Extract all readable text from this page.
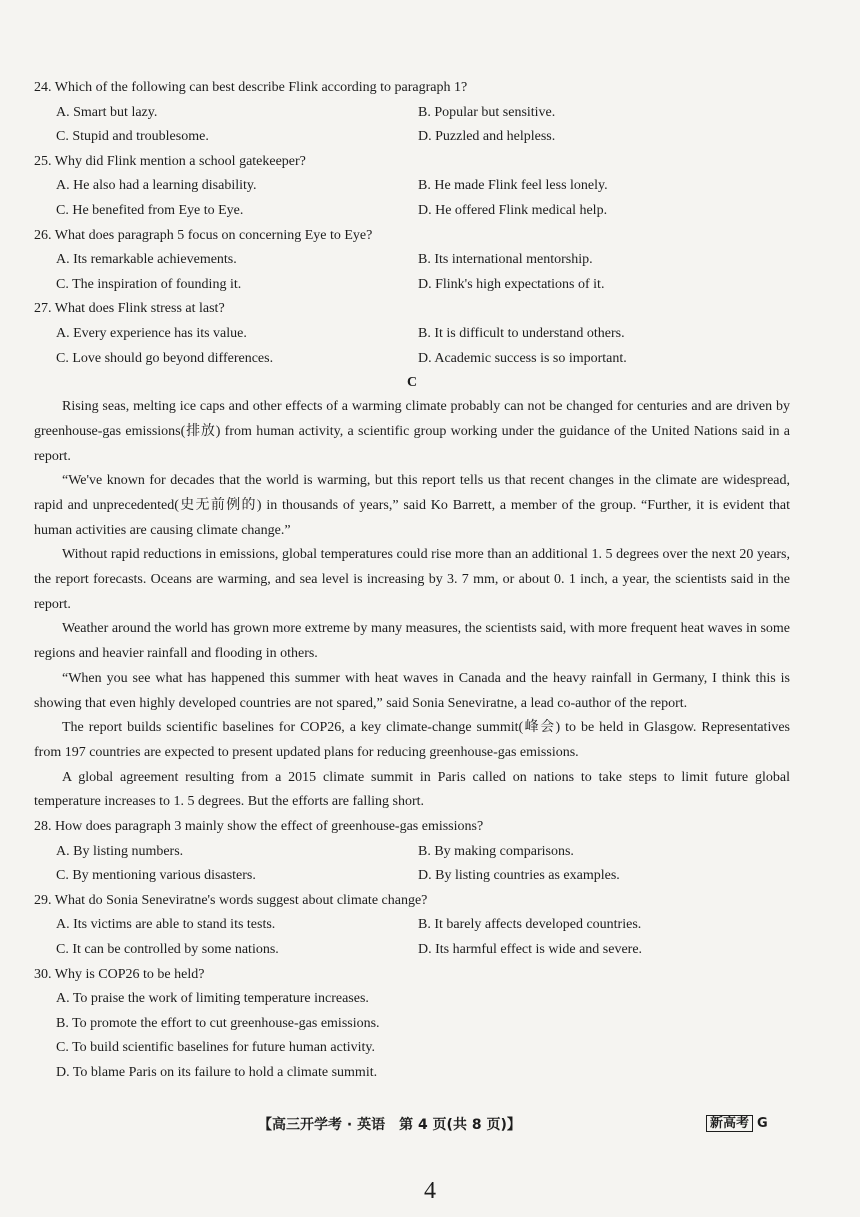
24. Which of the following can best describe Flink according to paragraph 1?

A. Smart but lazy.	B. Popular but sensitive.
C. Stupid and troublesome.	D. Puzzled and helpless.

25. Why did Flink mention a school gatekeeper?

A. He also had a learning disability.	B. He made Flink feel less lonely.
C. He benefited from Eye to Eye.	D. He offered Flink medical help.

26. What does paragraph 5 focus on concerning Eye to Eye?

A. Its remarkable achievements.	B. Its international mentorship.
C. The inspiration of founding it.	D. Flink's high expectations of it.

27. What does Flink stress at last?

A. Every experience has its value.	B. It is difficult to understand others.
C. Love should go beyond differences.	D. Academic success is so important.

C

Rising seas, melting ice caps and other effects of a warming climate probably can not be changed for centuries and are driven by greenhouse-gas emissions(排放) from human activity, a scientific group working under the guidance of the United Nations said in a report.

“We've known for decades that the world is warming, but this report tells us that recent changes in the climate are widespread, rapid and unprecedented(史无前例的) in thousands of years,” said Ko Barrett, a member of the group. “Further, it is evident that human activities are causing climate change.”

Without rapid reductions in emissions, global temperatures could rise more than an additional 1. 5 degrees over the next 20 years, the report forecasts. Oceans are warming, and sea level is increasing by 3. 7 mm, or about 0. 1 inch, a year, the scientists said in the report.

Weather around the world has grown more extreme by many measures, the scientists said, with more frequent heat waves in some regions and heavier rainfall and flooding in others.

“When you see what has happened this summer with heat waves in Canada and the heavy rainfall in Germany, I think this is showing that even highly developed countries are not spared,” said Sonia Seneviratne, a lead co-author of the report.

The report builds scientific baselines for COP26, a key climate-change summit(峰会) to be held in Glasgow. Representatives from 197 countries are expected to present updated plans for reducing greenhouse-gas emissions.

A global agreement resulting from a 2015 climate summit in Paris called on nations to take steps to limit future global temperature increases to 1. 5 degrees. But the efforts are falling short.

28. How does paragraph 3 mainly show the effect of greenhouse-gas emissions?

A. By listing numbers.	B. By making comparisons.
C. By mentioning various disasters.	D. By listing countries as examples.

29. What do Sonia Seneviratne's words suggest about climate change?

A. Its victims are able to stand its tests.	B. It barely affects developed countries.
C. It can be controlled by some nations.	D. Its harmful effect is wide and severe.

30. Why is COP26 to be held?

A. To praise the work of limiting temperature increases.
B. To promote the effort to cut greenhouse-gas emissions.
C. To build scientific baselines for future human activity.
D. To blame Paris on its failure to hold a climate summit.
【高三开学考 · 英语　第 4 页(共 8 页)】	新高考 G
4
